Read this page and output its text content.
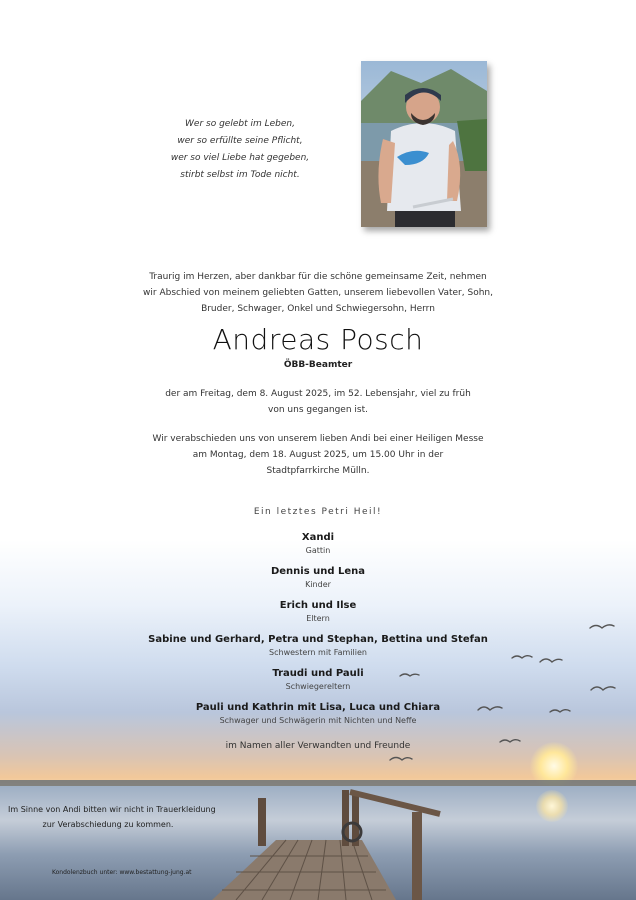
Wer so gelebt im Leben,
wer so erfüllte seine Pflicht,
wer so viel Liebe hat gegeben,
stirbt selbst im Tode nicht.
Traurig im Herzen, aber dankbar für die schöne gemeinsame Zeit, nehmen
wir Abschied von meinem geliebten Gatten, unserem liebevollen Vater, Sohn,
Bruder, Schwager, Onkel und Schwiegersohn, Herrn
Andreas Posch
ÖBB-Beamter
der am Freitag, dem 8. August 2025, im 52. Lebensjahr, viel zu früh
von uns gegangen ist.
Wir verabschieden uns von unserem lieben Andi bei einer Heiligen Messe
am Montag, dem 18. August 2025, um 15.00 Uhr in der
Stadtpfarrkirche Mülln.
Ein letztes Petri Heil!
Xandi
Gattin
Dennis und Lena
Kinder
Erich und Ilse
Eltern
Sabine und Gerhard, Petra und Stephan, Bettina und Stefan
Schwestern mit Familien
Traudi und Pauli
Schwiegereltern
Pauli und Kathrin mit Lisa, Luca und Chiara
Schwager und Schwägerin mit Nichten und Neffe
im Namen aller Verwandten und Freunde
Im Sinne von Andi bitten wir nicht in Trauerkleidung
zur Verabschiedung zu kommen.
Kondolenzbuch unter: www.bestattung-jung.at
